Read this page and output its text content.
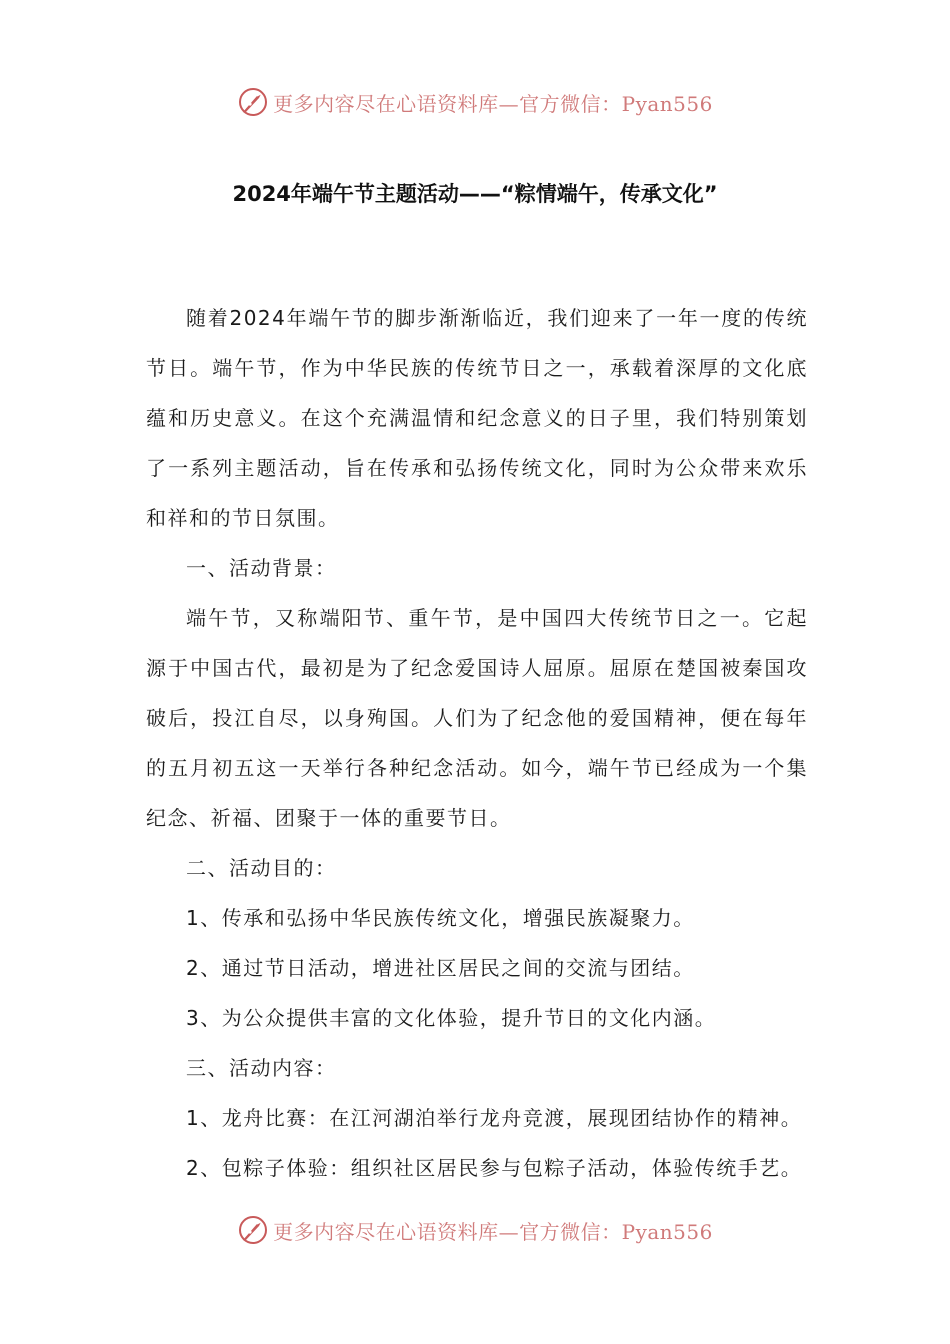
更多内容尽在心语资料库—官方微信：Pyan556
2024年端午节主题活动——“粽情端午，传承文化”

随着2024年端午节的脚步渐渐临近，我们迎来了一年一度的传统节日。端午节，作为中华民族的传统节日之一，承载着深厚的文化底蕴和历史意义。在这个充满温情和纪念意义的日子里，我们特别策划了一系列主题活动，旨在传承和弘扬传统文化，同时为公众带来欢乐和祥和的节日氛围。

一、活动背景：

端午节，又称端阳节、重午节，是中国四大传统节日之一。它起源于中国古代，最初是为了纪念爱国诗人屈原。屈原在楚国被秦国攻破后，投江自尽，以身殉国。人们为了纪念他的爱国精神，便在每年的五月初五这一天举行各种纪念活动。如今，端午节已经成为一个集纪念、祈福、团聚于一体的重要节日。

二、活动目的：

1、传承和弘扬中华民族传统文化，增强民族凝聚力。

2、通过节日活动，增进社区居民之间的交流与团结。

3、为公众提供丰富的文化体验，提升节日的文化内涵。

三、活动内容：

1、龙舟比赛：在江河湖泊举行龙舟竞渡，展现团结协作的精神。

2、包粽子体验：组织社区居民参与包粽子活动，体验传统手艺。

更多内容尽在心语资料库—官方微信：Pyan556
